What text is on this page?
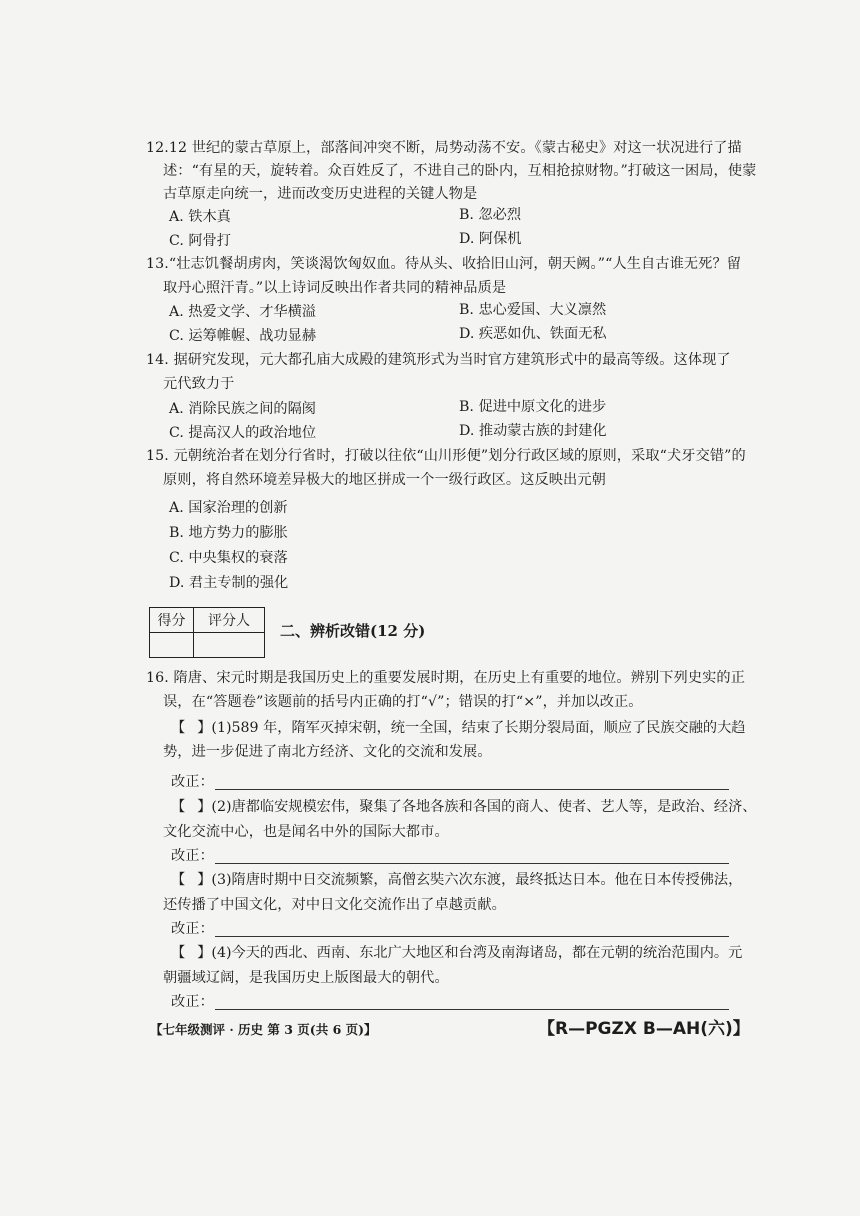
12.12 世纪的蒙古草原上，部落间冲突不断，局势动荡不安。《蒙古秘史》对这一状况进行了描
述：“有星的天，旋转着。众百姓反了，不进自己的卧内，互相抢掠财物。”打破这一困局，使蒙
古草原走向统一，进而改变历史进程的关键人物是
A. 铁木真	B. 忽必烈
C. 阿骨打	D. 阿保机
13.“壮志饥餐胡虏肉，笑谈渴饮匈奴血。待从头、收拾旧山河，朝天阙。”“人生自古谁无死？留
取丹心照汗青。”以上诗词反映出作者共同的精神品质是
A. 热爱文学、才华横溢	B. 忠心爱国、大义凛然
C. 运筹帷幄、战功显赫	D. 疾恶如仇、铁面无私
14. 据研究发现，元大都孔庙大成殿的建筑形式为当时官方建筑形式中的最高等级。这体现了
元代致力于
A. 消除民族之间的隔阂	B. 促进中原文化的进步
C. 提高汉人的政治地位	D. 推动蒙古族的封建化
15. 元朝统治者在划分行省时，打破以往依“山川形便”划分行政区域的原则，采取“犬牙交错”的
原则，将自然环境差异极大的地区拼成一个一级行政区。这反映出元朝
A. 国家治理的创新
B. 地方势力的膨胀
C. 中央集权的衰落
D. 君主专制的强化
得分	评分人

二、辨析改错(12 分)
16. 隋唐、宋元时期是我国历史上的重要发展时期，在历史上有重要的地位。辨别下列史实的正
误，在“答题卷”该题前的括号内正确的打“√”；错误的打“×”，并加以改正。
【 】(1)589 年，隋军灭掉宋朝，统一全国，结束了长期分裂局面，顺应了民族交融的大趋
势，进一步促进了南北方经济、文化的交流和发展。
改正：
【 】(2)唐都临安规模宏伟，聚集了各地各族和各国的商人、使者、艺人等，是政治、经济、
文化交流中心，也是闻名中外的国际大都市。
改正：
【 】(3)隋唐时期中日交流频繁，高僧玄奘六次东渡，最终抵达日本。他在日本传授佛法，
还传播了中国文化，对中日文化交流作出了卓越贡献。
改正：
【 】(4)今天的西北、西南、东北广大地区和台湾及南海诸岛，都在元朝的统治范围内。元
朝疆域辽阔，是我国历史上版图最大的朝代。
改正：
【七年级测评 · 历史 第 3 页(共 6 页)】	【R—PGZX B—AH(六)】
